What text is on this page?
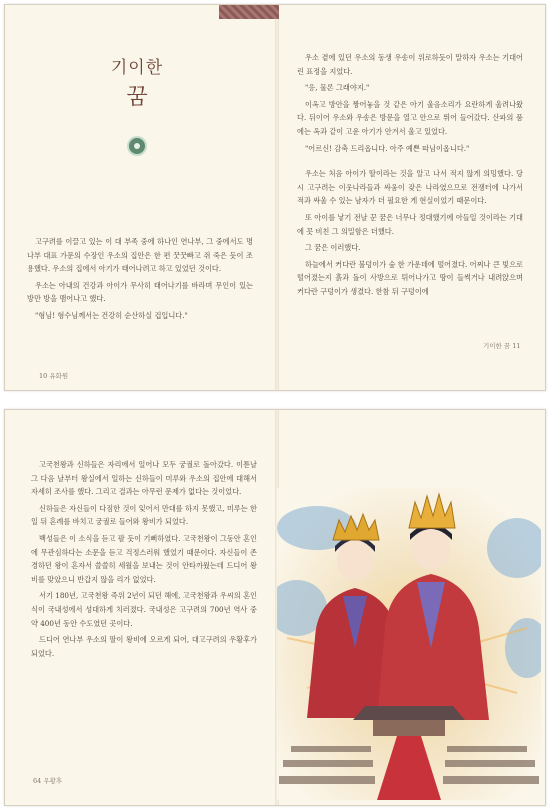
기이한
꿈

고구려를 이끌고 있는 이 대 부족 중에 하나인 연나부, 그 중에서도 명나부 대표 가문의 수장인 우소의 집안은 한 편 꿋꿋빠고 쥐 죽은 듯이 조용했다. 우소의 집에서 아기가 태어나려고 하고 있었던 것이다.

우소는 아내의 건강과 아이가 무사히 태어나기를 바라며 무인이 있는 방만 방을 맴어나고 했다.

"형님! 형수님께서는 건강히 순산하실 겁입니다."

우소 곁에 있던 우소의 동생 우송이 위로하듯이 말하자 우소는 기대어린 표정을 지었다.

"응, 물론 그래야지."

이옥고 방안을 짱어놓을 것 같은 아기 울음소리가 요란하게 울려나왔다. 뒤이어 우소와 우송은 방문을 열고 안으로 뛰어 들어갔다. 산파의 품에는 옥과 같이 고운 아기가 안겨서 울고 있었다.

"어르신! 감축 드리옵니다. 아주 예쁜 따님이옵니다."

우소는 처음 아이가 딸이라는 것을 알고 나서 적지 않게 의밍했다. 당시 고구려는 이웃나라들과 싸움이 잦은 나라였으므로 전쟁터에 나가서 적과 싸울 수 있는 남자가 더 필요한 게 현실이었기 때문이다.

또 아이를 낳기 전날 꾼 꿈은 너무나 정대했기에 아들일 것이라는 기대에 꼿 비친 그 의밀함은 더했다.

그 꿈은 이러했다.

하늘에서 커다란 불덩이가 숲 한 가운데에 떨어졌다. 어찌나 큰 빛으로 떨어졌는지 흙과 돌이 사방으로 튀어나가고 땅이 들썩거나 내려앉으며 커다란 구덩이가 생겼다. 한참 뒤 구덩이에

10 유화원
기이한 꿈 11

고국천왕과 신하들은 자리에서 일어나 모두 궁궐로 돌아갔다. 이튿날 그 다음 날부터 왕실에서 일하는 신하들이 미루와 우소의 집안에 대해서 자세히 조사를 했다. 그리고 결과는 아무런 문제가 없다는 것이었다.

신하들은 자신들이 다짐한 것이 잊어서 만대를 하지 못했고, 미루는 한 일 뒤 혼례를 바치고 궁궐로 들어와 왕비가 되었다.

백성들은 이 소식을 듣고 팔 듯이 기뻐하였다. 고국천왕이 그동안 혼인에 무관심하다는 소문을 듣고 걱정스러워 했었기 때문이다. 자신들이 존경하던 왕이 혼자서 쓸쓸히 세월을 보내는 것이 안타까웠는데 드디어 왕비를 맞았으니 반갑지 않을 리가 없었다.

서기 180년, 고국천왕 즉위 2년이 되던 해에, 고국천왕과 우씨의 혼인식이 국내성에서 성대하게 치러졌다. 국내성은 고구려의 700년 역사 중 약 400년 동안 수도였던 곳이다.

드디어 연나부 우소의 딸이 왕비에 오르게 되어, 대고구려의 우황후가 되었다.

64 우황후
